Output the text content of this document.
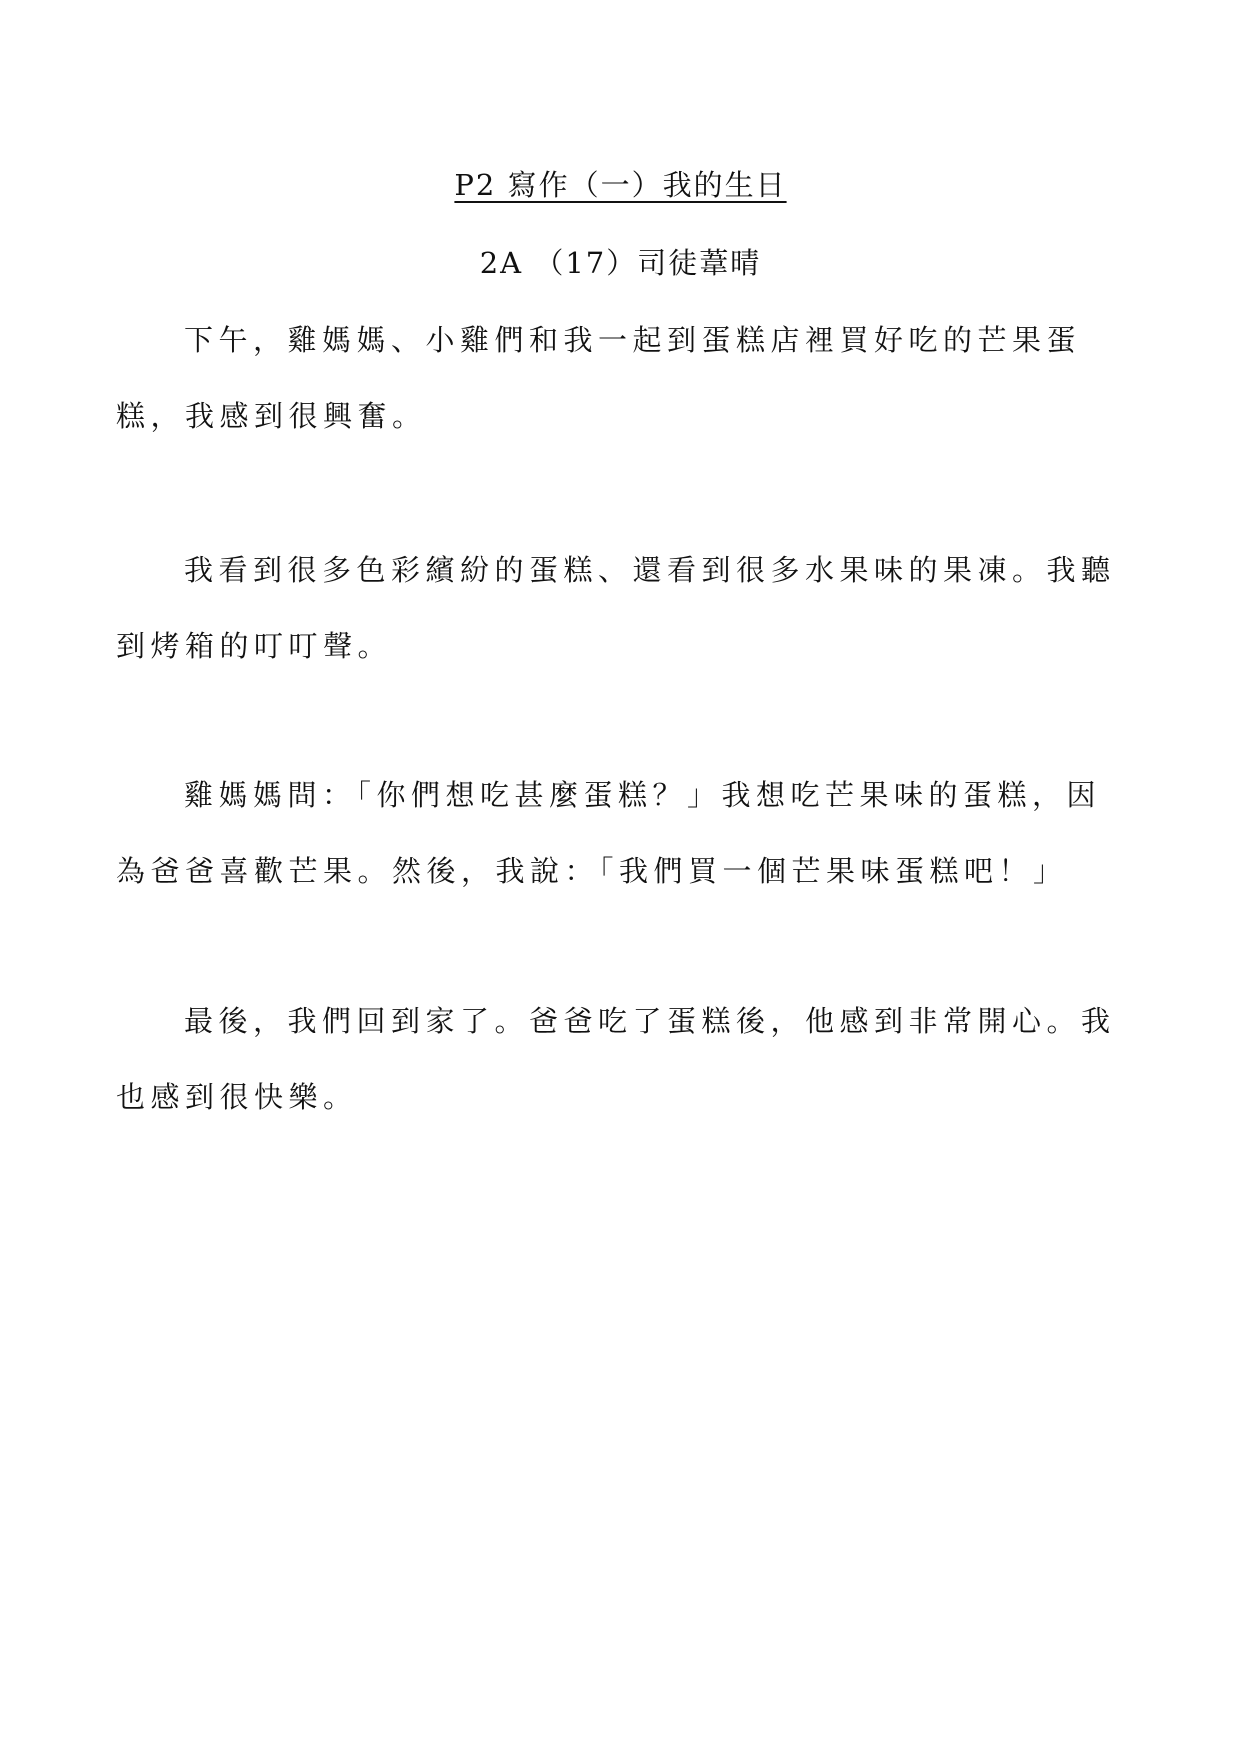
P2 寫作（一）我的生日
2A （17）司徒葦晴

下午，雞媽媽、小雞們和我一起到蛋糕店裡買好吃的芒果蛋糕，我感到很興奮。

我看到很多色彩繽紛的蛋糕、還看到很多水果味的果凍。我聽到烤箱的叮叮聲。

雞媽媽問：「你們想吃甚麼蛋糕？」我想吃芒果味的蛋糕，因為爸爸喜歡芒果。然後，我說：「我們買一個芒果味蛋糕吧！」

最後，我們回到家了。爸爸吃了蛋糕後，他感到非常開心。我也感到很快樂。
